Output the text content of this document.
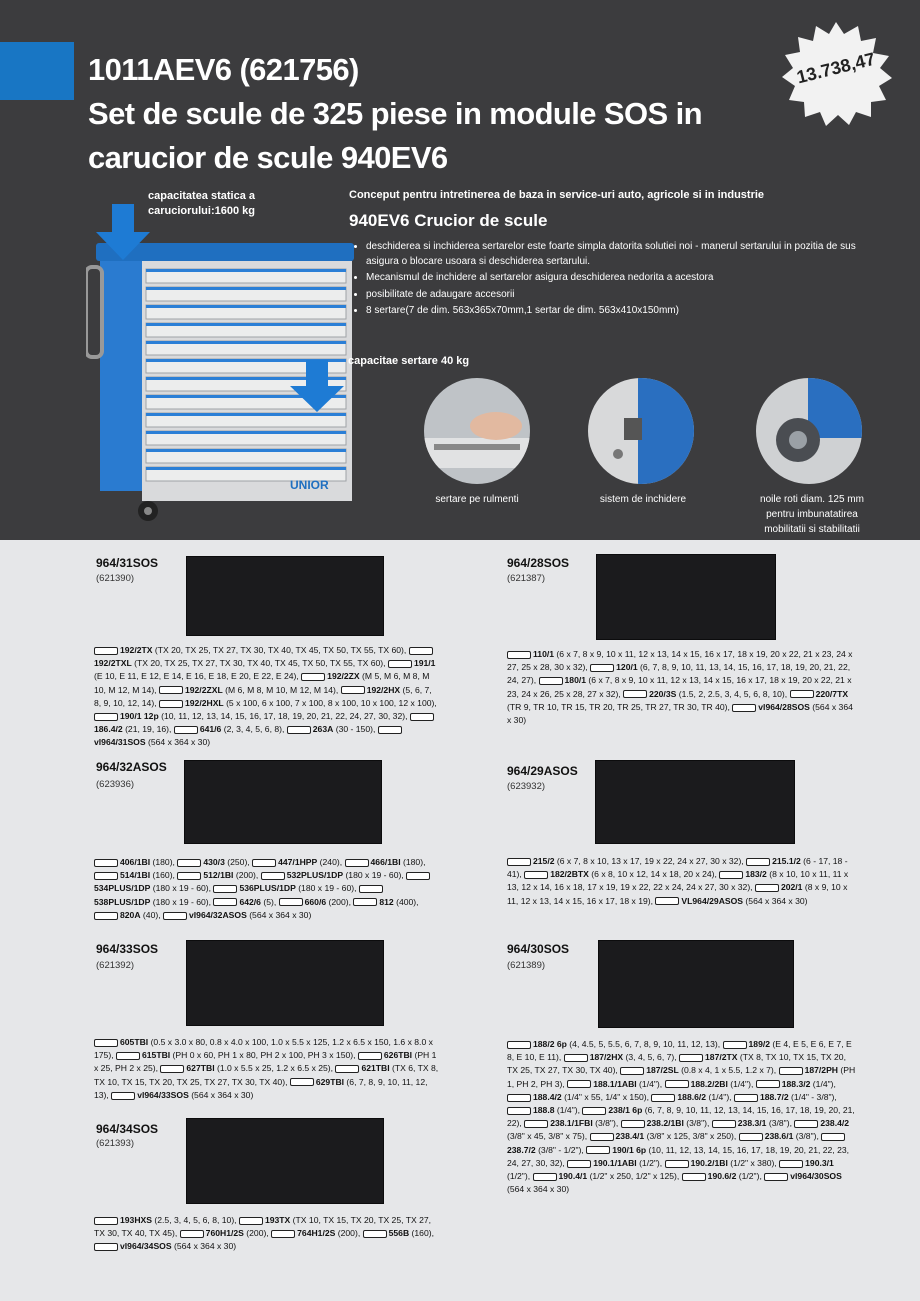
1011AEV6 (621756)
Set de scule de 325 piese in module SOS in
carucior de scule 940EV6
13.738,47
capacitatea statica a
caruciorului:1600 kg
UNIOR
capacitae sertare 40 kg
Conceput pentru intretinerea de baza in service-uri auto, agricole si in industrie
940EV6 Crucior de scule
• deschiderea si inchiderea sertarelor este foarte simpla datorita solutiei noi - manerul sertarului in pozitia de sus asigura o blocare usoara si deschiderea sertarului.
• Mecanismul de inchidere al sertarelor asigura deschiderea nedorita a acestora
• posibilitate de adaugare accesorii
• 8 sertare(7 de dim. 563x365x70mm,1 sertar de dim. 563x410x150mm)
sertare pe rulmenti	sistem de inchidere	noile roti diam. 125 mm pentru imbunatatirea mobilitatii si stabilitatii
964/31SOS
(621390)

192/2TX (TX 20, TX 25, TX 27, TX 30, TX 40, TX 45, TX 50, TX 55, TX 60), 192/2TXL (TX 20, TX 25, TX 27, TX 30, TX 40, TX 45, TX 50, TX 55, TX 60),	191/1 (E 10, E 11, E 12, E 14, E 16, E 18, E 20, E 22, E 24),	192/2ZX (M 5, M 6, M 8, M 10, M 12, M 14),	192/2ZXL (M 6, M 8, M 10, M 12, M 14),	192/2HX (5, 6, 7, 8, 9, 10, 12, 14),	192/2HXL (5 x 100, 6 x 100, 7 x 100, 8 x 100, 10 x 100, 12 x 100), 190/1 12p (10, 11, 12, 13, 14, 15, 16, 17, 18, 19, 20, 21, 22, 24, 27, 30, 32), 186.4/2 (21, 19, 16),	641/6 (2, 3, 4, 5, 6, 8),	263A (30 - 150), vl964/31SOS (564 x 364 x 30)

964/28SOS
(621387)

110/1 (6 x 7, 8 x 9, 10 x 11, 12 x 13, 14 x 15, 16 x 17, 18 x 19, 20 x 22, 21 x 23, 24 x 27, 25 x 28, 30 x 32),	120/1 (6, 7, 8, 9, 10, 11, 13, 14, 15, 16, 17, 18, 19, 20, 21, 22, 24, 27),	180/1 (6 x 7, 8 x 9, 10 x 11, 12 x 13, 14 x 15, 16 x 17, 18 x 19, 20 x 22, 21 x 23, 24 x 26, 25 x 28, 27 x 32),	220/3S (1.5, 2, 2.5, 3, 4, 5, 6, 8, 10),	220/7TX (TR 9, TR 10, TR 15, TR 20, TR 25, TR 27, TR 30, TR 40),	vl964/28SOS (564 x 364 x 30)

964/32ASOS
(623936)

406/1BI (180),	430/3 (250),	447/1HPP (240),	466/1BI (180), 514/1BI (160),	512/1BI (200),	532PLUS/1DP (180 x 19 - 60), 534PLUS/1DP (180 x 19 - 60),	536PLUS/1DP (180 x 19 - 60), 538PLUS/1DP (180 x 19 - 60),	642/6 (5),	660/6 (200),	812 (400), 820A (40),	vl964/32ASOS (564 x 364 x 30)

964/29ASOS
(623932)

215/2 (6 x 7, 8 x 10, 13 x 17, 19 x 22, 24 x 27, 30 x 32),	215.1/2 (6 - 17, 18 - 41),	182/2BTX (6 x 8, 10 x 12, 14 x 18, 20 x 24),	183/2 (8 x 10, 10 x 11, 11 x 13, 12 x 14, 16 x 18, 17 x 19, 19 x 22, 22 x 24, 24 x 27, 30 x 32),	202/1 (8 x 9, 10 x 11, 12 x 13, 14 x 15, 16 x 17, 18 x 19),	VL964/29ASOS (564 x 364 x 30)

964/33SOS
(621392)

605TBI (0.5 x 3.0 x 80, 0.8 x 4.0 x 100, 1.0 x 5.5 x 125, 1.2 x 6.5 x 150, 1.6 x 8.0 x 175),	615TBI (PH 0 x 60, PH 1 x 80, PH 2 x 100, PH 3 x 150),	626TBI (PH 1 x 25, PH 2 x 25),	627TBI (1.0 x 5.5 x 25, 1.2 x 6.5 x 25),	621TBI (TX 6, TX 8, TX 10, TX 15, TX 20, TX 25, TX 27, TX 30, TX 40),	629TBI (6, 7, 8, 9, 10, 11, 12, 13),	vl964/33SOS (564 x 364 x 30)

964/30SOS
(621389)

188/2 6p (4, 4.5, 5, 5.5, 6, 7, 8, 9, 10, 11, 12, 13),	189/2 (E 4, E 5, E 6, E 7, E 8, E 10, E 11),	187/2HX (3, 4, 5, 6, 7),	187/2TX (TX 8, TX 10, TX 15, TX 20, TX 25, TX 27, TX 30, TX 40),	187/2SL (0.8 x 4, 1 x 5.5, 1.2 x 7),	187/2PH (PH 1, PH 2, PH 3),	188.1/1ABI (1/4"),	188.2/2BI (1/4"),	188.3/2 (1/4"), 188.4/2 (1/4" x 55, 1/4" x 150),	188.6/2 (1/4"),	188.7/2 (1/4" - 3/8"), 188.8 (1/4"),	238/1 6p (6, 7, 8, 9, 10, 11, 12, 13, 14, 15, 16, 17, 18, 19, 20, 21, 22),	238.1/1FBI (3/8"),	238.2/1BI (3/8"),	238.3/1 (3/8"),	238.4/2 (3/8" x 45, 3/8" x 75),	238.4/1 (3/8" x 125, 3/8" x 250),	238.6/1 (3/8"), 238.7/2 (3/8" - 1/2"),	190/1 6p (10, 11, 12, 13, 14, 15, 16, 17, 18, 19, 20, 21, 22, 23, 24, 27, 30, 32),	190.1/1ABI (1/2"),	190.2/1BI (1/2" x 380),	190.3/1 (1/2"),	190.4/1 (1/2" x 250, 1/2" x 125),	190.6/2 (1/2"),	vl964/30SOS (564 x 364 x 30)

964/34SOS
(621393)

193HXS (2.5, 3, 4, 5, 6, 8, 10),	193TX (TX 10, TX 15, TX 20, TX 25, TX 27, TX 30, TX 40, TX 45),	760H1/2S (200),	764H1/2S (200),	556B (160), vl964/34SOS (564 x 364 x 30)
